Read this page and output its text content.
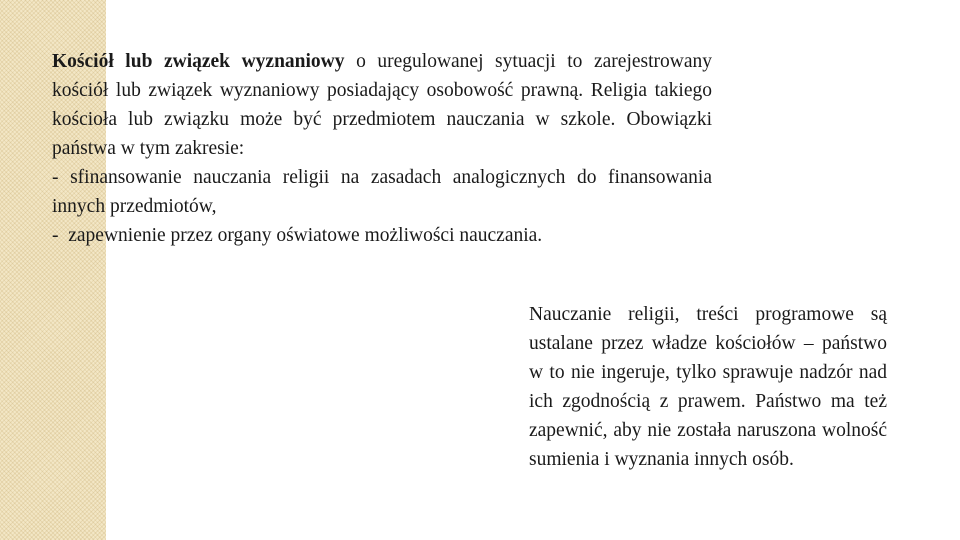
Kościół lub związek wyznaniowy o uregulowanej sytuacji to zarejestrowany kościół lub związek wyznaniowy posiadający osobowość prawną. Religia takiego kościoła lub związku może być przedmiotem nauczania w szkole. Obowiązki państwa w tym zakresie:

- sfinansowanie nauczania religii na zasadach analogicznych do finansowania innych przedmiotów,

-  zapewnienie przez organy oświatowe możliwości nauczania.

Nauczanie religii, treści programowe są ustalane przez władze kościołów – państwo w to nie ingeruje, tylko sprawuje nadzór nad ich zgodnością z prawem. Państwo ma też zapewnić, aby nie została naruszona wolność sumienia i wyznania innych osób.
